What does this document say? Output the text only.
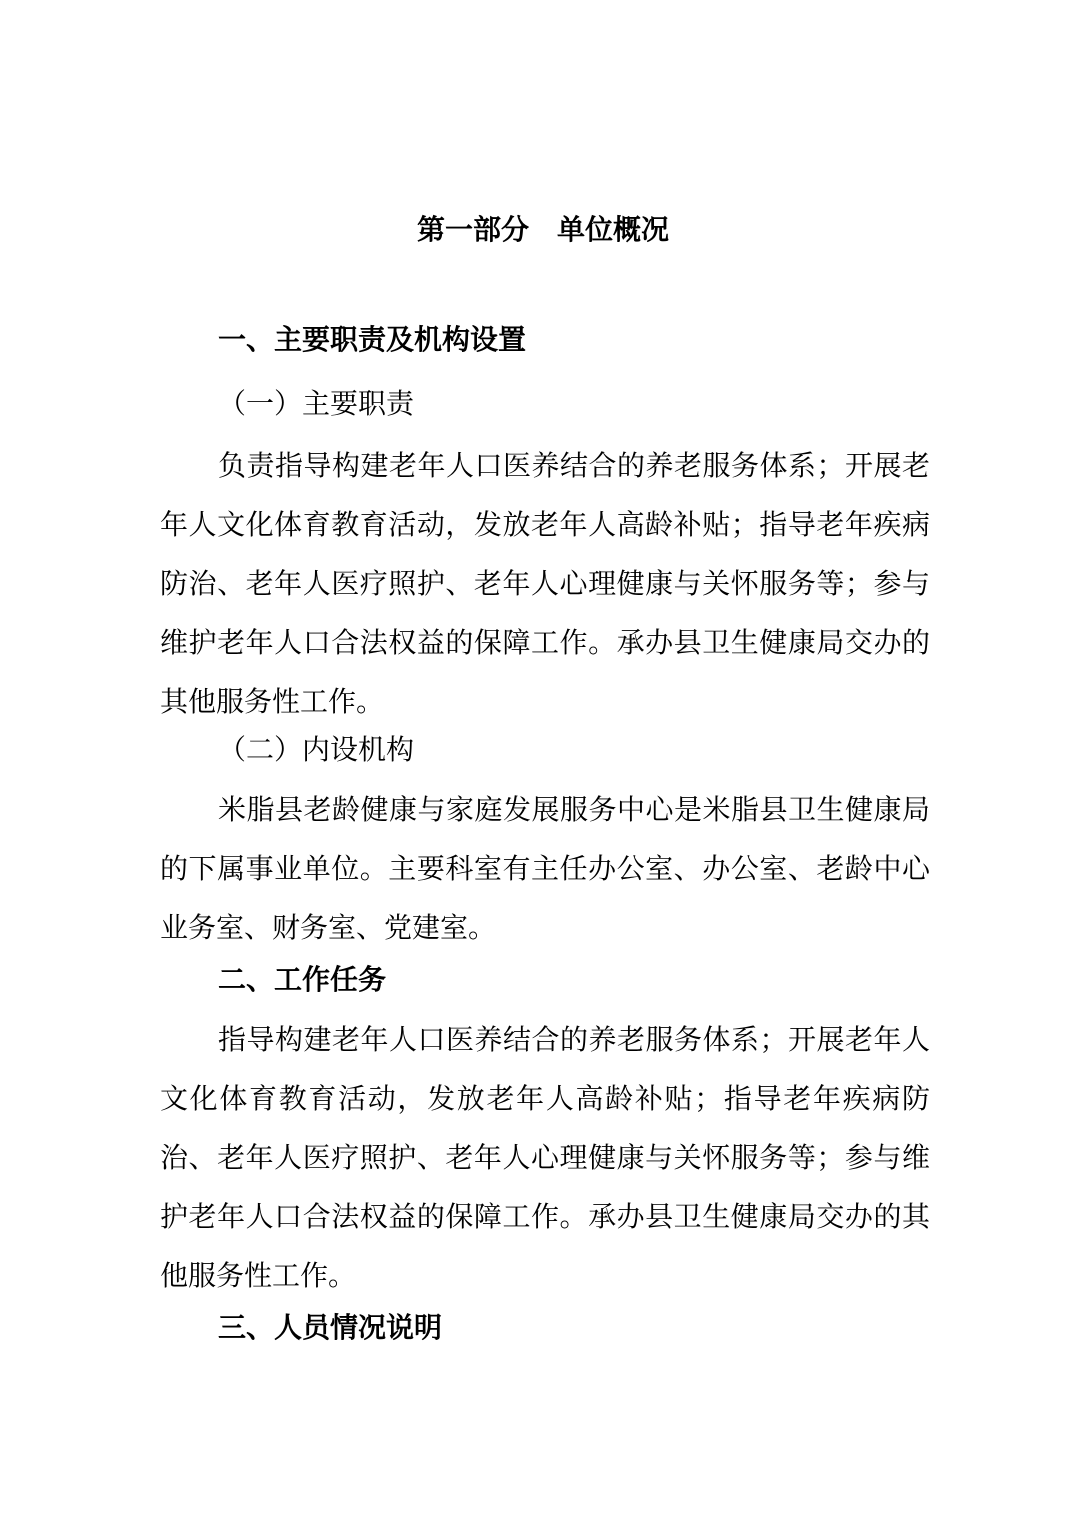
第一部分　单位概况
一、主要职责及机构设置
（一）主要职责

负责指导构建老年人口医养结合的养老服务体系；开展老年人文化体育教育活动，发放老年人高龄补贴；指导老年疾病防治、老年人医疗照护、老年人心理健康与关怀服务等；参与维护老年人口合法权益的保障工作。承办县卫生健康局交办的其他服务性工作。

（二）内设机构

米脂县老龄健康与家庭发展服务中心是米脂县卫生健康局的下属事业单位。主要科室有主任办公室、办公室、老龄中心业务室、财务室、党建室。

二、工作任务

指导构建老年人口医养结合的养老服务体系；开展老年人文化体育教育活动，发放老年人高龄补贴；指导老年疾病防治、老年人医疗照护、老年人心理健康与关怀服务等；参与维护老年人口合法权益的保障工作。承办县卫生健康局交办的其他服务性工作。

三、人员情况说明
